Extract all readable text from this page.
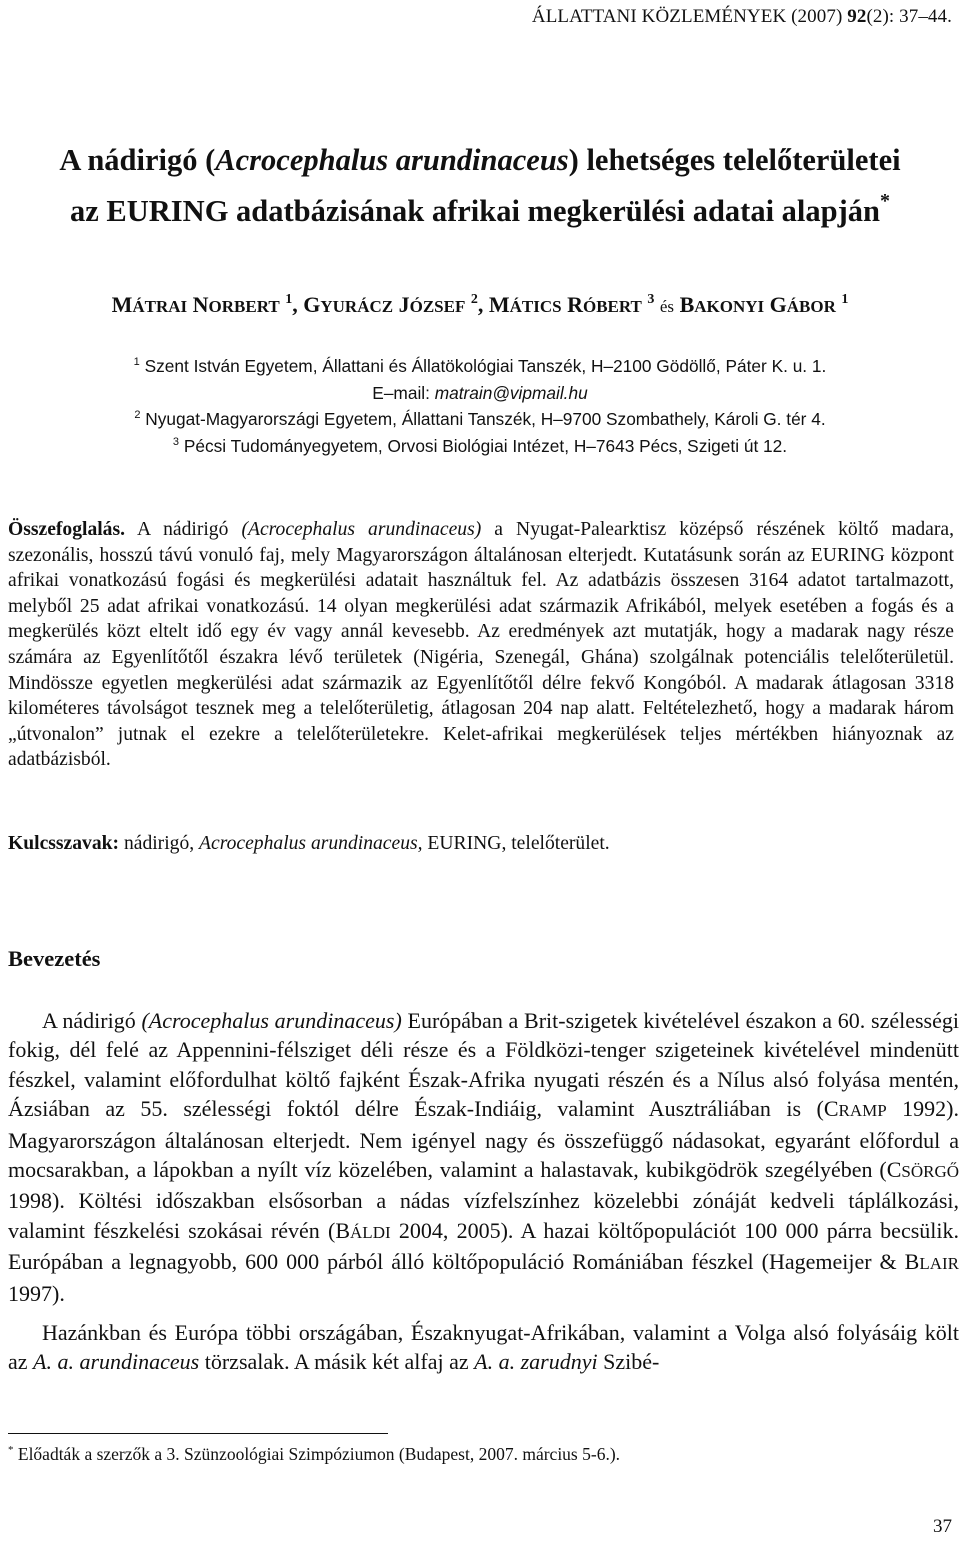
ÁLLATTANI KÖZLEMÉNYEK (2007) 92(2): 37–44.
A nádirigó (Acrocephalus arundinaceus) lehetséges telelőterületei
az EURING adatbázisának afrikai megkerülési adatai alapján*
MÁTRAI NORBERT $^1$, GYURÁCZ JÓZSEF $^2$, MÁTICS RÓBERT $^3$ és BAKONYI GÁBOR $^1$
$^1$ Szent István Egyetem, Állattani és Állatökológiai Tanszék, H–2100 Gödöllő, Páter K. u. 1.
E–mail: matrain@vipmail.hu
$^2$ Nyugat-Magyarországi Egyetem, Állattani Tanszék, H–9700 Szombathely, Károli G. tér 4.
$^3$ Pécsi Tudományegyetem, Orvosi Biológiai Intézet, H–7643 Pécs, Szigeti út 12.

Összefoglalás. A nádirigó (Acrocephalus arundinaceus) a Nyugat-Palearktisz középső részének költő madara, szezonális, hosszú távú vonuló faj, mely Magyarországon általánosan elterjedt. Kutatásunk során az EURING központ afrikai vonatkozású fogási és megkerülési adatait használtuk fel. Az adatbázis összesen 3164 adatot tartalmazott, melyből 25 adat afrikai vonatkozású. 14 olyan megkerülési adat származik Afrikából, melyek esetében a fogás és a megkerülés közt eltelt idő egy év vagy annál kevesebb. Az eredmények azt mutatják, hogy a madarak nagy része számára az Egyenlítőtől északra lévő területek (Nigéria, Szenegál, Ghána) szolgálnak potenciális telelőterületül. Mindössze egyetlen megkerülési adat származik az Egyenlítőtől délre fekvő Kongóból. A madarak átlagosan 3318 kilométeres távolságot tesznek meg a telelőterületig, átlagosan 204 nap alatt. Feltételezhető, hogy a madarak három „útvonalon” jutnak el ezekre a telelőterületekre. Kelet-afrikai megkerülések teljes mértékben hiányoznak az adatbázisból.

Kulcsszavak: nádirigó, Acrocephalus arundinaceus, EURING, telelőterület.

Bevezetés

A nádirigó (Acrocephalus arundinaceus) Európában a Brit-szigetek kivételével északon a 60. szélességi fokig, dél felé az Appennini-félsziget déli része és a Földközi-tenger szigeteinek kivételével mindenütt fészkel, valamint előfordulhat költő fajként Észak-Afrika nyugati részén és a Nílus alsó folyása mentén, Ázsiában az 55. szélességi foktól délre Észak-Indiáig, valamint Ausztráliában is (CRAMP 1992). Magyarországon általánosan elterjedt. Nem igényel nagy és összefüggő nádasokat, egyaránt előfordul a mocsarakban, a lápokban a nyílt víz közelében, valamint a halastavak, kubikgödrök szegélyében (CSÖRGŐ 1998). Költési időszakban elsősorban a nádas vízfelszínhez közelebbi zónáját kedveli táplálkozási, valamint fészkelési szokásai révén (BÁLDI 2004, 2005). A hazai költőpopulációt 100 000 párra becsülik. Európában a legnagyobb, 600 000 párból álló költőpopuláció Romániában fészkel (Hagemeijer & BLAIR 1997).

Hazánkban és Európa többi országában, Északnyugat-Afrikában, valamint a Volga alsó folyásáig költ az A. a. arundinaceus törzsalak. A másik két alfaj az A. a. zarudnyi Szibé-

* Előadták a szerzők a 3. Szünzoológiai Szimpóziumon (Budapest, 2007. március 5-6.).
37
